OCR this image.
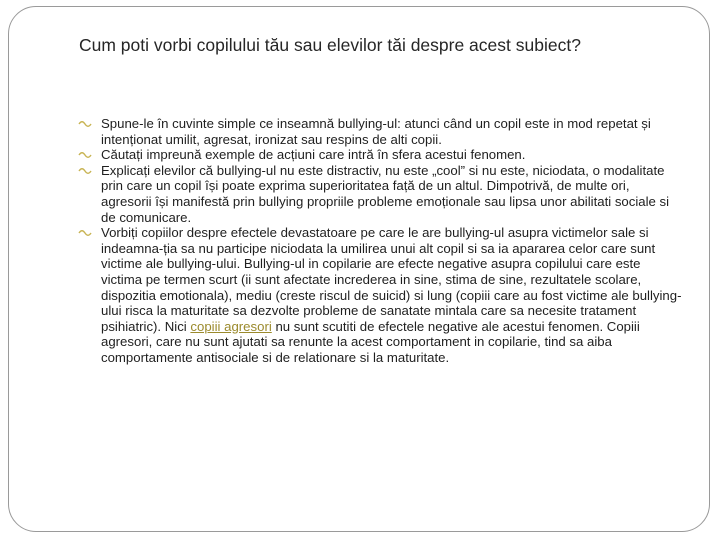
Cum poti vorbi copilului tău sau elevilor tăi despre acest subiect?
Spune-le în cuvinte simple ce inseamnă bullying-ul: atunci când un copil este in mod repetat și intenționat umilit, agresat, ironizat sau respins de alti copii.
Căutați impreună exemple de acțiuni care intră în sfera acestui fenomen.
Explicați elevilor că bullying-ul nu este distractiv, nu este „cool” si nu este, niciodata, o modalitate prin care un copil își poate exprima superioritatea față de un altul. Dimpotrivă, de multe ori, agresorii își manifestă prin bullying propriile probleme emoționale sau lipsa unor abilitati sociale si de comunicare.
Vorbiți copiilor despre efectele devastatoare pe care le are bullying-ul asupra victimelor sale si indeamna-ția sa nu participe niciodata la umilirea unui alt copil si sa ia apararea celor care sunt victime ale bullying-ului. Bullying-ul in copilarie are efecte negative asupra copilului care este victima pe termen scurt (ii sunt afectate increderea in sine, stima de sine, rezultatele scolare, dispozitia emotionala), mediu (creste riscul de suicid) si lung (copiii care au fost victime ale bullying-ului risca la maturitate sa dezvolte probleme de sanatate mintala care sa necesite tratament psihiatric). Nici copiii agresori nu sunt scutiti de efectele negative ale acestui fenomen. Copiii agresori, care nu sunt ajutati sa renunte la acest comportament in copilarie, tind sa aiba comportamente antisociale si de relationare si la maturitate.
